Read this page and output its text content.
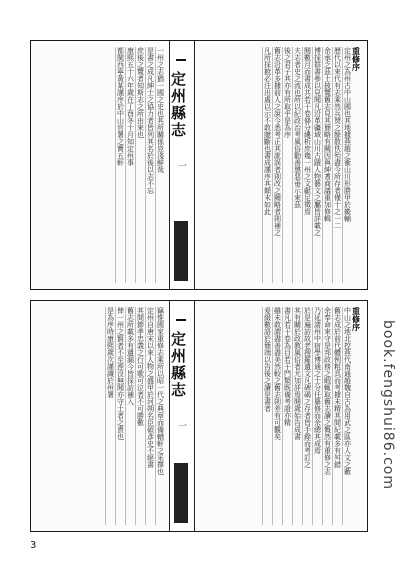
一州之志猶一國之史也其所關係豈淺鮮哉
是書之成凡紳士之協力者皆列其名於後以志不忘
庶後之覽者知斯志之所由來也
康熙五十六年歲在丁酉冬十月知定州事
都閩西寧黃某謹序於中山官署之寶五軒	定州縣志
一
重修序
定州之為州古中山國也其地據燕趙之衝山川形勝甲於畿輔
歷代以來代有志乘然兵燹之餘散佚殆盡今所存者僅十之一二
余承乏茲土披覽舊志見其簡略有闕因與紳耆商議重加修輯
博採群書參以見聞凡沿革疆域山川古蹟人物藝文之屬皆詳載之
閱數月而書成共若干卷條分縷析庶幾一州之文獻足徵焉
夫志者史之流也所以紀政治考風俗勸善懲惡垂示來茲
後之君子其亦有所取乎是為序
舊志沿革多據前人之說今悉考正其訛誤者則改之闕略者則補之
凡所採摭必注出處以示不敢臆斷也書成謹序其顛末如此
竊惟國家重修志乘所以昭一代之典章而備輶軒之采擇也
定州自唐宋以來人物之盛甲於河朔名臣碩彥史不絕書
其間節孝忠義之行可歌可泣者不可勝數
舊志所載多有遺漏今皆採訪補入
俾一州之賢者不至湮沒無聞亦守土者之責也
是為序時康熙歲次謹識於州署	定州縣志
一
重修序
中山之地北控燕代南通趙魏自古為用武之區亦人文之藪
舊志成於前代體例粗具而考據未精其間紀載多有舛錯
余奉命來守是邦政務之暇輒取舊志讀之慨然有重修之志
乃延請州中宿學博通之士分任纂修而余總其成焉
於是遍訪故老搜羅遺文凡碑碣之存者皆手錄而考訂之
其有關於政教風俗者尤加詳焉閱歲始告成書
書凡若干卷為目若干門類既備考證亦精
雖未敢謂盡善盡美然較之舊志則差有可觀矣
爰綴數語於簡端以告後之讀是書者	book.fengshui86.com
3
